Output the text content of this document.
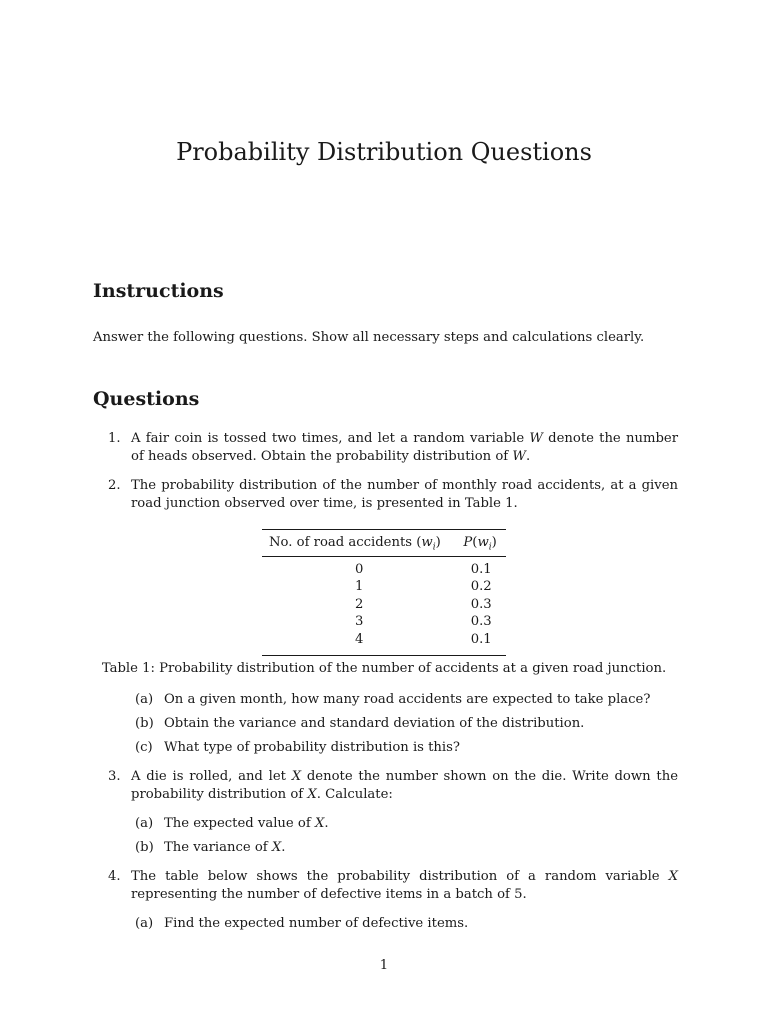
Probability Distribution Questions
Instructions

Answer the following questions. Show all necessary steps and calculations clearly.

Questions

1. A fair coin is tossed two times, and let a random variable W denote the number of heads observed. Obtain the probability distribution of W.

2. The probability distribution of the number of monthly road accidents, at a given road junction observed over time, is presented in Table 1.

No. of road accidents $(w_i)$	$P(w_i)$
0	0.1
1	0.2
2	0.3
3	0.3
4	0.1

Table 1: Probability distribution of the number of accidents at a given road junction.

(a) On a given month, how many road accidents are expected to take place?

(b) Obtain the variance and standard deviation of the distribution.

(c) What type of probability distribution is this?

3. A die is rolled, and let X denote the number shown on the die. Write down the probability distribution of X. Calculate:

(a) The expected value of X.

(b) The variance of X.

4. The table below shows the probability distribution of a random variable X representing the number of defective items in a batch of 5.

(a) Find the expected number of defective items.

1
